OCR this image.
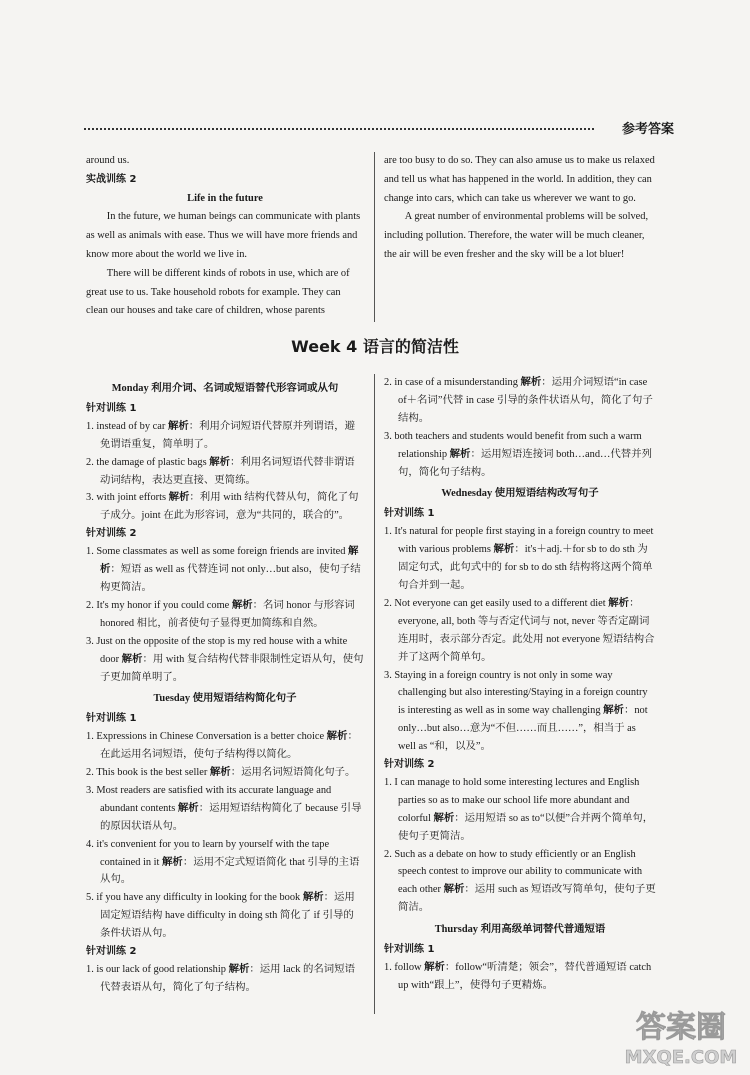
参考答案

around us.

实战训练 2

Life in the future

In the future, we human beings can communicate with plants as well as animals with ease. Thus we will have more friends and know more about the world we live in.

There will be different kinds of robots in use, which are of great use to us. Take household robots for example. They can clean our houses and take care of children, whose parents

are too busy to do so. They can also amuse us to make us relaxed and tell us what has happened in the world. In addition, they can change into cars, which can take us wherever we want to go.

A great number of environmental problems will be solved, including pollution. Therefore, the water will be much cleaner, the air will be even fresher and the sky will be a lot bluer!

Week 4 语言的简洁性

Monday 利用介词、名词或短语替代形容词或从句

针对训练 1

1. instead of by car 解析：利用介词短语代替原并列谓语，避免谓语重复，简单明了。

2. the damage of plastic bags 解析：利用名词短语代替非谓语动词结构，表达更直接、更简练。

3. with joint efforts 解析：利用 with 结构代替从句，简化了句子成分。joint 在此为形容词，意为“共同的，联合的”。

针对训练 2

1. Some classmates as well as some foreign friends are invited 解析：短语 as well as 代替连词 not only…but also，使句子结构更简洁。

2. It's my honor if you could come 解析：名词 honor 与形容词 honored 相比，前者使句子显得更加简练和自然。

3. Just on the opposite of the stop is my red house with a white door 解析：用 with 复合结构代替非限制性定语从句，使句子更加简单明了。

Tuesday 使用短语结构简化句子

针对训练 1

1. Expressions in Chinese Conversation is a better choice 解析：在此运用名词短语，使句子结构得以简化。

2. This book is the best seller 解析：运用名词短语简化句子。

3. Most readers are satisfied with its accurate language and abundant contents 解析：运用短语结构简化了 because 引导的原因状语从句。

4. it's convenient for you to learn by yourself with the tape contained in it 解析：运用不定式短语简化 that 引导的主语从句。

5. if you have any difficulty in looking for the book 解析：运用固定短语结构 have difficulty in doing sth 简化了 if 引导的条件状语从句。

针对训练 2

1. is our lack of good relationship 解析：运用 lack 的名词短语代替表语从句，简化了句子结构。

2. in case of a misunderstanding 解析：运用介词短语“in case of＋名词”代替 in case 引导的条件状语从句，简化了句子结构。

3. both teachers and students would benefit from such a warm relationship 解析：运用短语连接词 both…and…代替并列句，简化句子结构。

Wednesday 使用短语结构改写句子

针对训练 1

1. It's natural for people first staying in a foreign country to meet with various problems 解析：it's＋adj.＋for sb to do sth 为固定句式，此句式中的 for sb to do sth 结构将这两个简单句合并到一起。

2. Not everyone can get easily used to a different diet 解析：everyone, all, both 等与否定代词与 not, never 等否定副词连用时，表示部分否定。此处用 not everyone 短语结构合并了这两个简单句。

3. Staying in a foreign country is not only in some way challenging but also interesting/Staying in a foreign country is interesting as well as in some way challenging 解析：not only…but also…意为“不但……而且……”，相当于 as well as “和，以及”。

针对训练 2

1. I can manage to hold some interesting lectures and English parties so as to make our school life more abundant and colorful 解析：运用短语 so as to“以便”合并两个简单句，使句子更简洁。

2. Such as a debate on how to study efficiently or an English speech contest to improve our ability to communicate with each other 解析：运用 such as 短语改写简单句，使句子更简洁。

Thursday 利用高级单词替代普通短语

针对训练 1

1. follow 解析：follow“听清楚；领会”，替代普通短语 catch up with“跟上”，使得句子更精炼。

答案圈
MXQE.COM
